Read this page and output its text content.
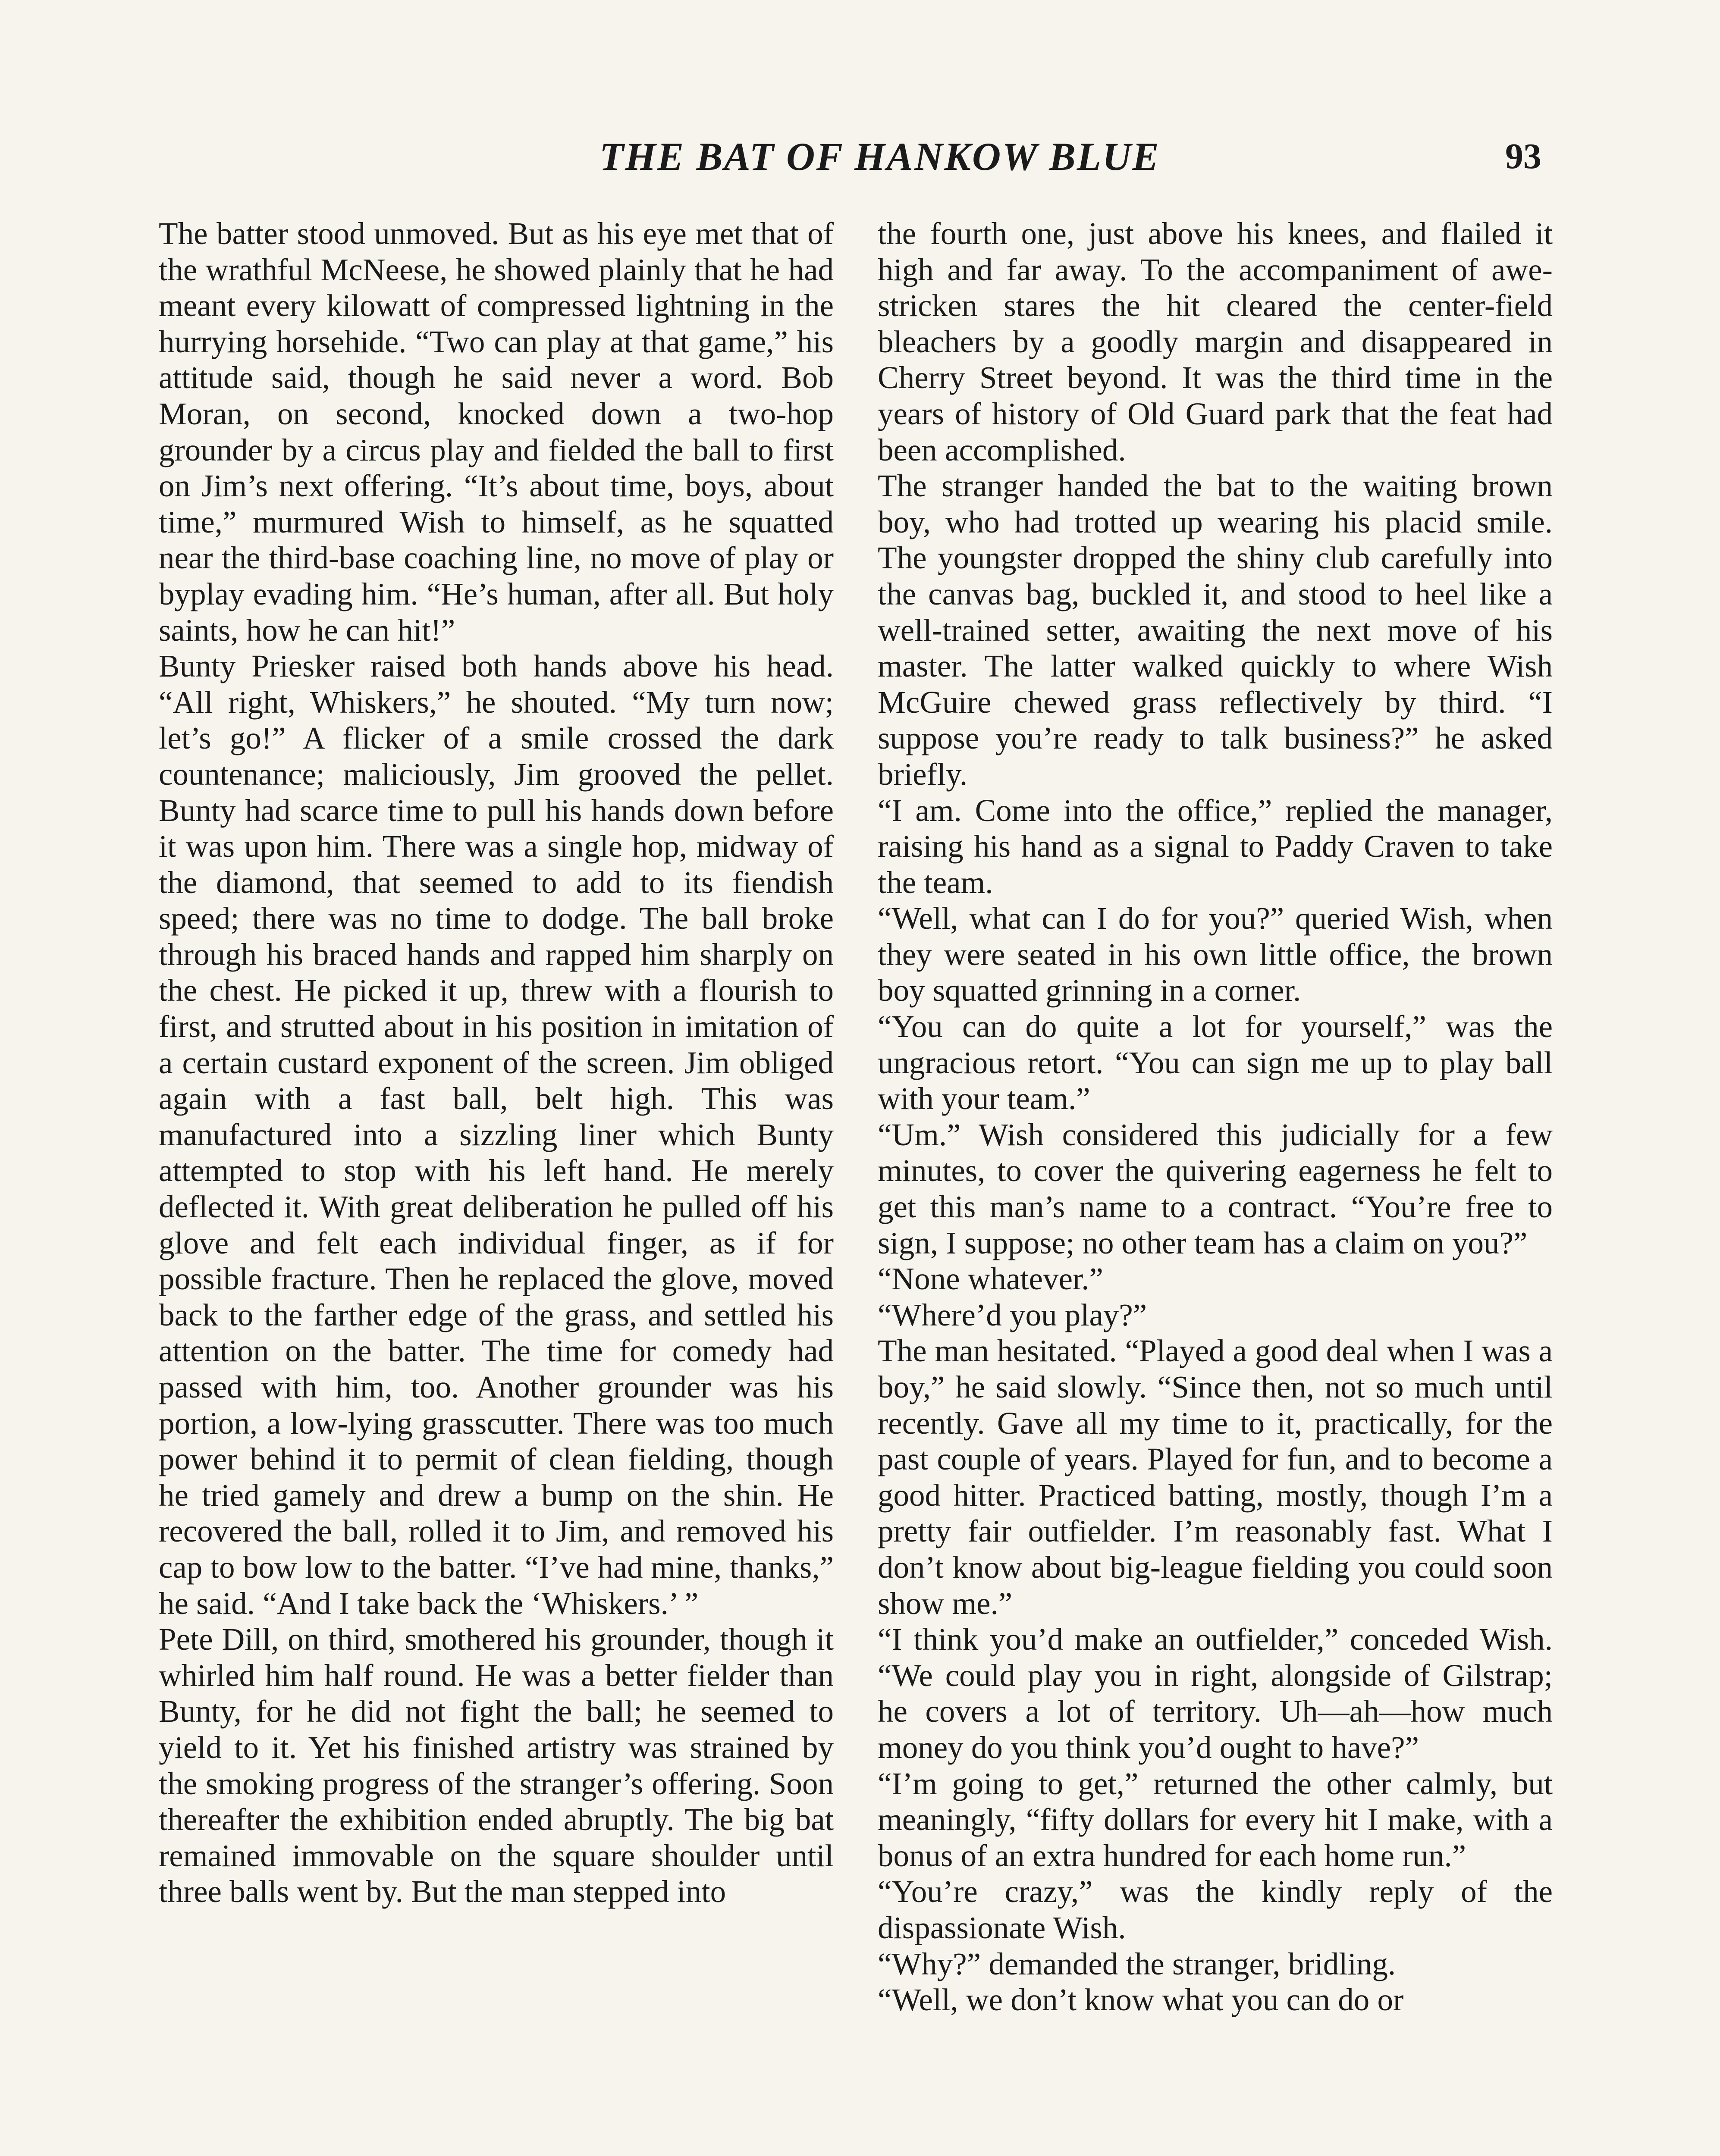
THE BAT OF HANKOW BLUE	93

The batter stood unmoved. But as his eye met that of the wrathful McNeese, he showed plainly that he had meant every kilowatt of compressed lightning in the hurrying horsehide. “Two can play at that game,” his attitude said, though he said never a word. Bob Moran, on second, knocked down a two-hop grounder by a circus play and fielded the ball to first on Jim’s next offering. “It’s about time, boys, about time,” murmured Wish to himself, as he squatted near the third-base coaching line, no move of play or byplay evading him. “He’s human, after all. But holy saints, how he can hit!”

Bunty Priesker raised both hands above his head. “All right, Whiskers,” he shouted. “My turn now; let’s go!” A flicker of a smile crossed the dark countenance; maliciously, Jim grooved the pellet. Bunty had scarce time to pull his hands down before it was upon him. There was a single hop, midway of the diamond, that seemed to add to its fiendish speed; there was no time to dodge. The ball broke through his braced hands and rapped him sharply on the chest. He picked it up, threw with a flourish to first, and strutted about in his position in imitation of a certain custard exponent of the screen. Jim obliged again with a fast ball, belt high. This was manufactured into a sizzling liner which Bunty attempted to stop with his left hand. He merely deflected it. With great deliberation he pulled off his glove and felt each individual finger, as if for possible fracture. Then he replaced the glove, moved back to the farther edge of the grass, and settled his attention on the batter. The time for comedy had passed with him, too. Another grounder was his portion, a low-lying grasscutter. There was too much power behind it to permit of clean fielding, though he tried gamely and drew a bump on the shin. He recovered the ball, rolled it to Jim, and removed his cap to bow low to the batter. “I’ve had mine, thanks,” he said. “And I take back the ‘Whiskers.’ ”

Pete Dill, on third, smothered his grounder, though it whirled him half round. He was a better fielder than Bunty, for he did not fight the ball; he seemed to yield to it. Yet his finished artistry was strained by the smoking progress of the stranger’s offering. Soon thereafter the exhibition ended abruptly. The big bat remained immovable on the square shoulder until three balls went by. But the man stepped into

the fourth one, just above his knees, and flailed it high and far away. To the accompaniment of awe-stricken stares the hit cleared the center-field bleachers by a goodly margin and disappeared in Cherry Street beyond. It was the third time in the years of history of Old Guard park that the feat had been accomplished.

The stranger handed the bat to the waiting brown boy, who had trotted up wearing his placid smile. The youngster dropped the shiny club carefully into the canvas bag, buckled it, and stood to heel like a well-trained setter, awaiting the next move of his master. The latter walked quickly to where Wish McGuire chewed grass reflectively by third. “I suppose you’re ready to talk business?” he asked briefly.

“I am. Come into the office,” replied the manager, raising his hand as a signal to Paddy Craven to take the team.

“Well, what can I do for you?” queried Wish, when they were seated in his own little office, the brown boy squatted grinning in a corner.

“You can do quite a lot for yourself,” was the ungracious retort. “You can sign me up to play ball with your team.”

“Um.” Wish considered this judicially for a few minutes, to cover the quivering eagerness he felt to get this man’s name to a contract. “You’re free to sign, I suppose; no other team has a claim on you?”

“None whatever.”

“Where’d you play?”

The man hesitated. “Played a good deal when I was a boy,” he said slowly. “Since then, not so much until recently. Gave all my time to it, practically, for the past couple of years. Played for fun, and to become a good hitter. Practiced batting, mostly, though I’m a pretty fair outfielder. I’m reasonably fast. What I don’t know about big-league fielding you could soon show me.”

“I think you’d make an outfielder,” conceded Wish. “We could play you in right, alongside of Gilstrap; he covers a lot of territory. Uh—ah—how much money do you think you’d ought to have?”

“I’m going to get,” returned the other calmly, but meaningly, “fifty dollars for every hit I make, with a bonus of an extra hundred for each home run.”

“You’re crazy,” was the kindly reply of the dispassionate Wish.

“Why?” demanded the stranger, bridling.

“Well, we don’t know what you can do or
